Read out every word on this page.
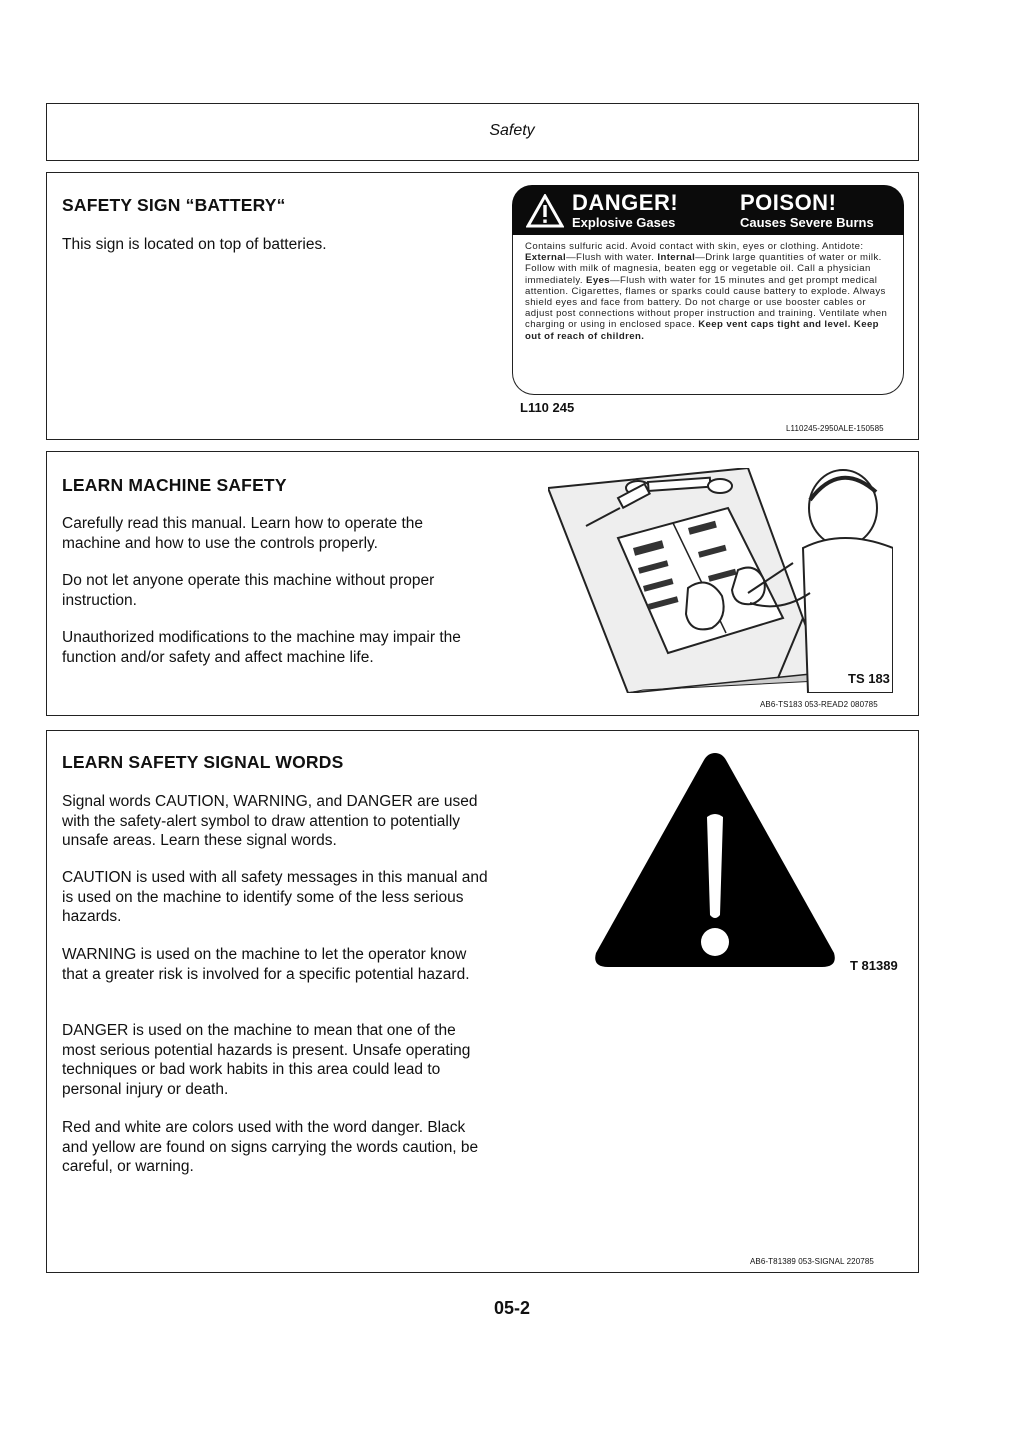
Safety
SAFETY SIGN “BATTERY“

This sign is located on top of batteries.

DANGER!	POISON!
Explosive Gases	Causes Severe Burns
Contains sulfuric acid. Avoid contact with skin, eyes or clothing. Antidote: External—Flush with water. Internal—Drink large quantities of water or milk. Follow with milk of magnesia, beaten egg or vegetable oil. Call a physician immediately. Eyes—Flush with water for 15 minutes and get prompt medical attention. Cigarettes, flames or sparks could cause battery to explode. Always shield eyes and face from battery. Do not charge or use booster cables or adjust post connections without proper instruction and training. Ventilate when charging or using in enclosed space. Keep vent caps tight and level. Keep out of reach of children.
L110 245
L110245-2950ALE-150585
LEARN MACHINE SAFETY

Carefully read this manual. Learn how to operate the machine and how to use the controls properly.

Do not let anyone operate this machine without proper instruction.

Unauthorized modifications to the machine may impair the function and/or safety and affect machine life.

TS 183
AB6-TS183 053-READ2 080785
LEARN SAFETY SIGNAL WORDS

Signal words CAUTION, WARNING, and DANGER are used with the safety-alert symbol to draw attention to potentially unsafe areas. Learn these signal words.

CAUTION is used with all safety messages in this manual and is used on the machine to identify some of the less serious hazards.

WARNING is used on the machine to let the operator know that a greater risk is involved for a specific potential hazard.

DANGER is used on the machine to mean that one of the most serious potential hazards is present. Unsafe operating techniques or bad work habits in this area could lead to personal injury or death.

Red and white are colors used with the word danger. Black and yellow are found on signs carrying the words caution, be careful, or warning.

T 81389
AB6-T81389 053-SIGNAL 220785
05-2
